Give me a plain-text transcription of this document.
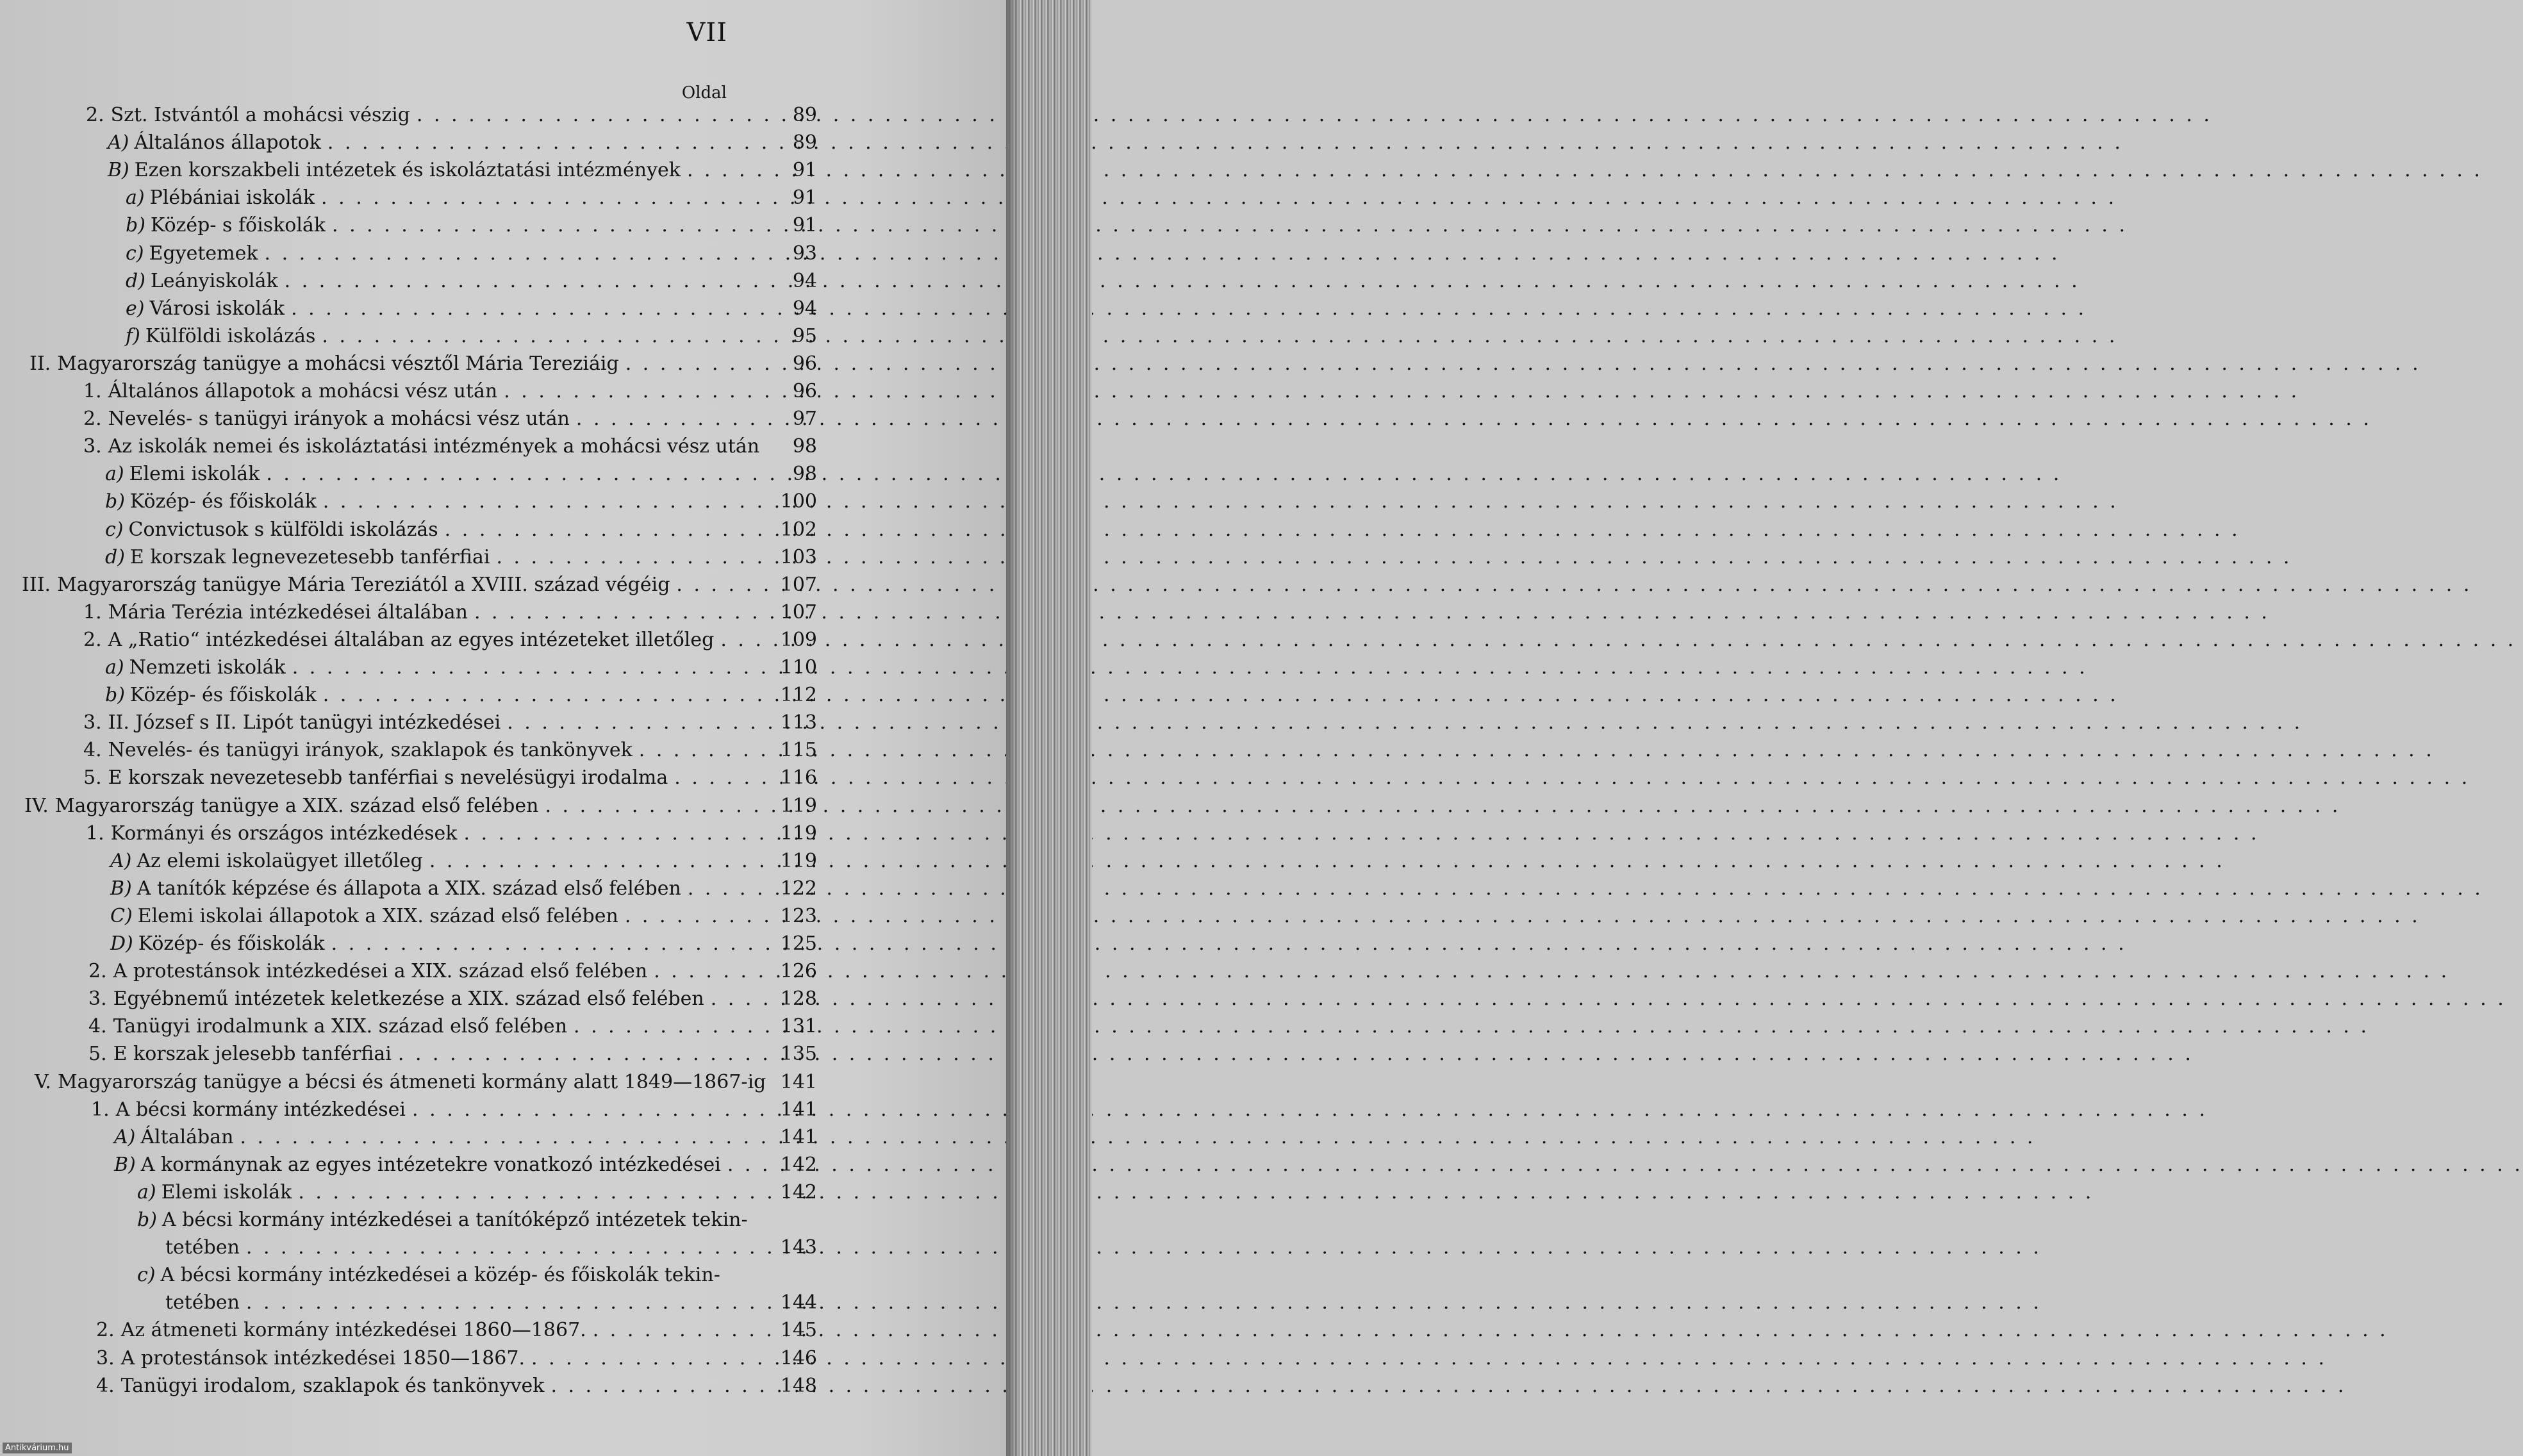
VII
Oldal
2. Szt. Istvántól a mohácsi vészig . . .	89
A) Általános állapotok . . .	89
B) Ezen korszakbeli intézetek és iskoláztatási intézmények . . .	91
a) Plébániai iskolák . . .	91
b) Közép- s főiskolák . . .	91
c) Egyetemek . . .	93
d) Leányiskolák . . .	94
e) Városi iskolák . . .	94
f) Külföldi iskolázás . . .	95
II. Magyarország tanügye a mohácsi vésztől Mária Tereziáig . . .	96
1. Általános állapotok a mohácsi vész után . . .	96
2. Nevelés- s tanügyi irányok a mohácsi vész után . . .	97
3. Az iskolák nemei és iskoláztatási intézmények a mohácsi vész után	98
a) Elemi iskolák . . .	98
b) Közép- és főiskolák . . .	100
c) Convictusok s külföldi iskolázás . . .	102
d) E korszak legnevezetesebb tanférfiai . . .	103
III. Magyarország tanügye Mária Tereziától a XVIII. század végéig . . .	107
1. Mária Terézia intézkedései általában . . .	107
2. A „Ratio“ intézkedései általában az egyes intézeteket illetőleg . . .	109
a) Nemzeti iskolák . . .	110
b) Közép- és főiskolák . . .	112
3. II. József s II. Lipót tanügyi intézkedései . . .	113
4. Nevelés- és tanügyi irányok, szaklapok és tankönyvek . . .	115
5. E korszak nevezetesebb tanférfiai s nevelésügyi irodalma . . .	116
IV. Magyarország tanügye a XIX. század első felében . . .	119
1. Kormányi és országos intézkedések . . .	119
A) Az elemi iskolaügyet illetőleg . . .	119
B) A tanítók képzése és állapota a XIX. század első felében . . .	122
C) Elemi iskolai állapotok a XIX. század első felében . . .	123
D) Közép- és főiskolák . . .	125
2. A protestánsok intézkedései a XIX. század első felében . . .	126
3. Egyébnemű intézetek keletkezése a XIX. század első felében . . .	128
4. Tanügyi irodalmunk a XIX. század első felében . . .	131
5. E korszak jelesebb tanférfiai . . .	135
V. Magyarország tanügye a bécsi és átmeneti kormány alatt 1849—1867-ig 141
1. A bécsi kormány intézkedései . . .	141
A) Általában . . .	141
B) A kormánynak az egyes intézetekre vonatkozó intézkedései . . .	142
a) Elemi iskolák . . .	142
b) A bécsi kormány intézkedései a tanítóképző intézetek tekin-
tetében . . .	143
c) A bécsi kormány intézkedései a közép- és főiskolák tekin-
tetében . . .	144
2. Az átmeneti kormány intézkedései 1860—1867. . . .	145
3. A protestánsok intézkedései 1850—1867. . . .	146
4. Tanügyi irodalom, szaklapok és tankönyvek . . .	148
Antikvárium.hu
